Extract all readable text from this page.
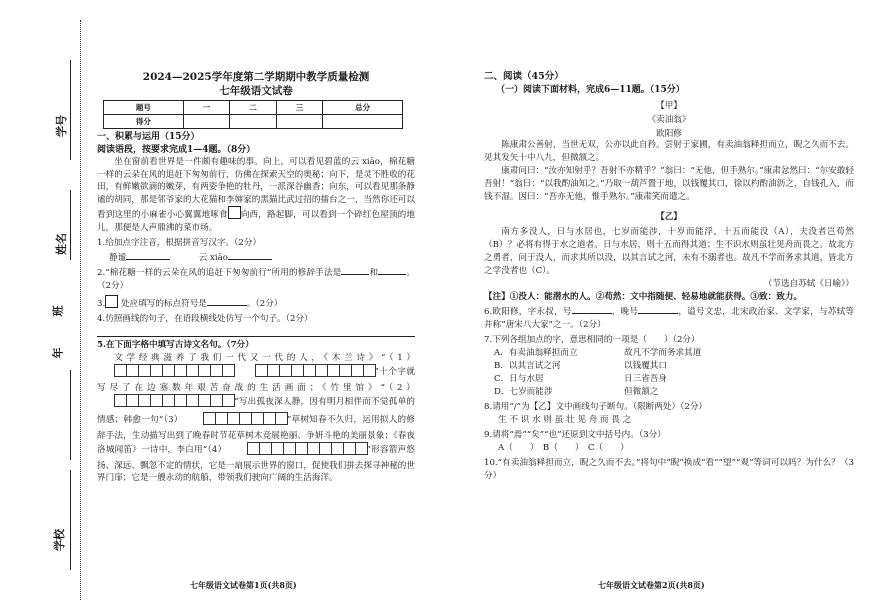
学号
姓名
班
年
学校
2024—2025学年度第二学期期中教学质量检测
七年级语文试卷
题号	一	二	三	总分
得分				
一、积累与运用（15分）
阅读语段，按要求完成1—4题。（8分）

坐在窗前看世界是一件颇有趣味的事。向上，可以看见碧蓝的云 xiāo，棉花糖一样的云朵在风的追赶下匆匆前行，仿佛在探索天空的奥秘；向下，是灵不胜收的花田，有鲜嫩欲滴的嫩芽，有两姿争艳的牡丹，一派深谷幽香；向东，可以看见那条静谧的胡同，那是邻爷家的大花猫和李婶家的黑猫比武过招的擂台之一，当然你还可以看到这里的小麻雀小心翼翼地啄食 向西，路起脚，可以看到一个碎红色屋顶的地儿，那便是人声鼎沸的菜市场。

1.给加点字注音，根据拼音写汉字。（2分）

静谧 　　　	云 xiāo

2.“棉花糖一样的云朵在风的追赶下匆匆前行”所用的修辞手法是	和	。（2分）

3. 处应填写的标点符号是	。（2分）

4.仿照画线的句子，在语段横线处仿写一个句子。（2分）

5.在下面字格中填写古诗文名句。（7分）

文学经典滋养了我们一代又一代的人，《木兰诗》“（1）  ”十个字就写尽了在边塞数年艰苦奋战的生活画面；《竹里馆》“（2） ”写出孤夜深人静，因有明月相伴而不觉孤单的情感；韩愈一句“（3）	”草树知春不久归，运用拟人的修辞手法，生动描写出到了晚春时节花草树木竞展艳丽、争妍斗艳的美丽景象；《春夜洛城闻笛》一诗中，李白用“（4）	”形容箭声悠扬、深远、飘忽不定的情状，它是一扇展示世界的窗口，促使我们拼去探寻神秘的世界门扉；它是一艘永动的航船，带领我们驶向广阔的生活海洋。

七年级语文试卷第1页(共8页)
二、阅读（45分）
（一）阅读下面材料，完成6—11题。（15分）
【甲】
《卖油翁》
欧阳修

陈康肃公善射，当世无双，公亦以此自矜。尝射于家圃，有卖油翁释担而立，睨之久而不去。见其发矢十中八九，但微颔之。

康肃问曰：“汝亦知射乎？吾射不亦精乎？”翁曰：“无他，但手熟尔。”康肃忿然曰：“尔安敢轻吾射！”翁曰：“以我酌油知之。”乃取一葫芦置于地，以钱覆其口，徐以杓酌油沥之，自钱孔入，而钱不湿。因曰：“吾亦无他，惟手熟尔。”康肃笑而遣之。

【乙】

南方多没人，日与水居也，七岁而能涉，十岁而能浮，十五而能没（A），夫没者岂苟然（B）？必将有得于水之道者。日与水居，则十五而得其道；生不识水则虽壮见舟而畏之。故北方之勇者，问于没人，而求其所以没，以其言试之河，未有不溺者也。故凡不学而务求其道，皆北方之学没者也（C）。

（节选自苏轼《日喻》）

【注】①没人：能潜水的人。②苟然：文中指随便、轻易地就能获得。③致：致力。

6.欧阳修，字永叔，号	，晚号	，谥号文忠，北宋政治家、文学家，与苏轼等并称“唐宋八大家”之一。（2分）

7.下列各组加点的字，意思相同的一项是（　　）（2分）

A．有卖油翁释担而立	故凡不学而务求其道
B．以其言试之河	以钱覆其口
C．日与水居	日三省吾身
D．七岁而能涉	但微颔之

8.请用“/”为【乙】文中画线句子断句。（限断两处）（2分）

生 不 识 水 则 虽 壮 见 舟 而 畏 之

9.请将“焉”“矣”“也”还原到文中括号内。（3分）

A（　　）　B（　　）　C（　　）

10.“有卖油翁释担而立，睨之久而不去。”将句中“睨”换成“看”“望”“观”等词可以吗？为什么？（3分）

七年级语文试卷第2页(共8页)
